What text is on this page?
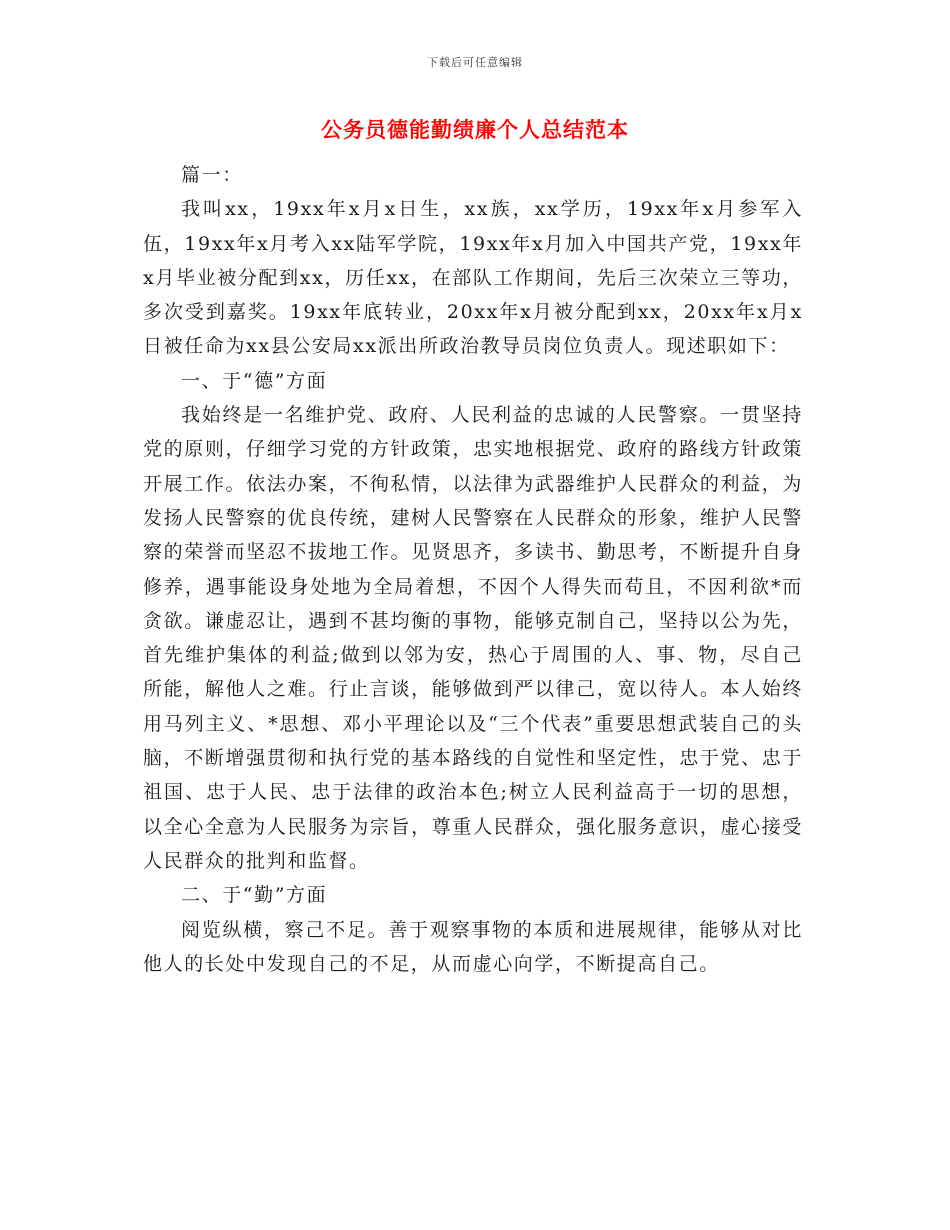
下载后可任意编辑
公务员德能勤绩廉个人总结范本

篇一：

我叫xx，19xx年x月x日生，xx族，xx学历，19xx年x月参军入伍，19xx年x月考入xx陆军学院，19xx年x月加入中国共产党，19xx年x月毕业被分配到xx，历任xx，在部队工作期间，先后三次荣立三等功，多次受到嘉奖。19xx年底转业，20xx年x月被分配到xx，20xx年x月x日被任命为xx县公安局xx派出所政治教导员岗位负责人。现述职如下：

一、于“德”方面

我始终是一名维护党、政府、人民利益的忠诚的人民警察。一贯坚持党的原则，仔细学习党的方针政策，忠实地根据党、政府的路线方针政策开展工作。依法办案，不徇私情，以法律为武器维护人民群众的利益，为发扬人民警察的优良传统，建树人民警察在人民群众的形象，维护人民警察的荣誉而坚忍不拔地工作。见贤思齐，多读书、勤思考，不断提升自身修养，遇事能设身处地为全局着想，不因个人得失而苟且，不因利欲*而贪欲。谦虚忍让，遇到不甚均衡的事物，能够克制自己，坚持以公为先，首先维护集体的利益;做到以邻为安，热心于周围的人、事、物，尽自己所能，解他人之难。行止言谈，能够做到严以律己，宽以待人。本人始终用马列主义、*思想、邓小平理论以及“三个代表”重要思想武装自己的头脑，不断增强贯彻和执行党的基本路线的自觉性和坚定性，忠于党、忠于祖国、忠于人民、忠于法律的政治本色;树立人民利益高于一切的思想，以全心全意为人民服务为宗旨，尊重人民群众，强化服务意识，虚心接受人民群众的批判和监督。

二、于“勤”方面

阅览纵横，察己不足。善于观察事物的本质和进展规律，能够从对比他人的长处中发现自己的不足，从而虚心向学，不断提高自己。
